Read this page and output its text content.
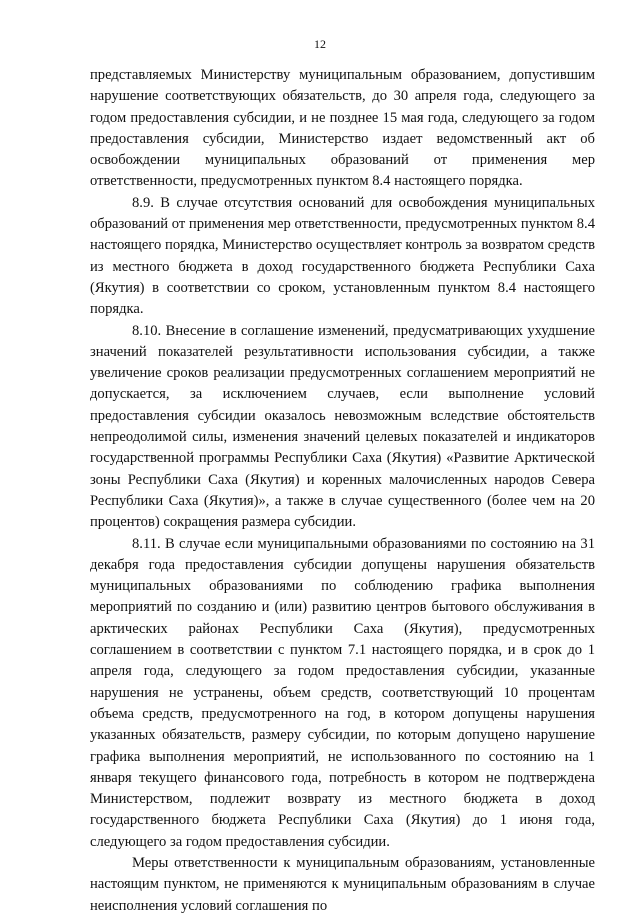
12

представляемых Министерству муниципальным образованием, допустившим нарушение соответствующих обязательств, до 30 апреля года, следующего за годом предоставления субсидии, и не позднее 15 мая года, следующего за годом предоставления субсидии, Министерство издает ведомственный акт об освобождении муниципальных образований от применения мер ответственности, предусмотренных пунктом 8.4 настоящего порядка.

8.9. В случае отсутствия оснований для освобождения муниципальных образований от применения мер ответственности, предусмотренных пунктом 8.4 настоящего порядка, Министерство осуществляет контроль за возвратом средств из местного бюджета в доход государственного бюджета Республики Саха (Якутия) в соответствии со сроком, установленным пунктом 8.4 настоящего порядка.

8.10. Внесение в соглашение изменений, предусматривающих ухудшение значений показателей результативности использования субсидии, а также увеличение сроков реализации предусмотренных соглашением мероприятий не допускается, за исключением случаев, если выполнение условий предоставления субсидии оказалось невозможным вследствие обстоятельств непреодолимой силы, изменения значений целевых показателей и индикаторов государственной программы Республики Саха (Якутия) «Развитие Арктической зоны Республики Саха (Якутия) и коренных малочисленных народов Севера Республики Саха (Якутия)», а также в случае существенного (более чем на 20 процентов) сокращения размера субсидии.

8.11. В случае если муниципальными образованиями по состоянию на 31 декабря года предоставления субсидии допущены нарушения обязательств муниципальных образованиями по соблюдению графика выполнения мероприятий по созданию и (или) развитию центров бытового обслуживания в арктических районах Республики Саха (Якутия), предусмотренных соглашением в соответствии с пунктом 7.1 настоящего порядка, и в срок до 1 апреля года, следующего за годом предоставления субсидии, указанные нарушения не устранены, объем средств, соответствующий 10 процентам объема средств, предусмотренного на год, в котором допущены нарушения указанных обязательств, размеру субсидии, по которым допущено нарушение графика выполнения мероприятий, не использованного по состоянию на 1 января текущего финансового года, потребность в котором не подтверждена Министерством, подлежит возврату из местного бюджета в доход государственного бюджета Республики Саха (Якутия) до 1 июня года, следующего за годом предоставления субсидии.

Меры ответственности к муниципальным образованиям, установленные настоящим пунктом, не применяются к муниципальным образованиям в случае неисполнения условий соглашения по
